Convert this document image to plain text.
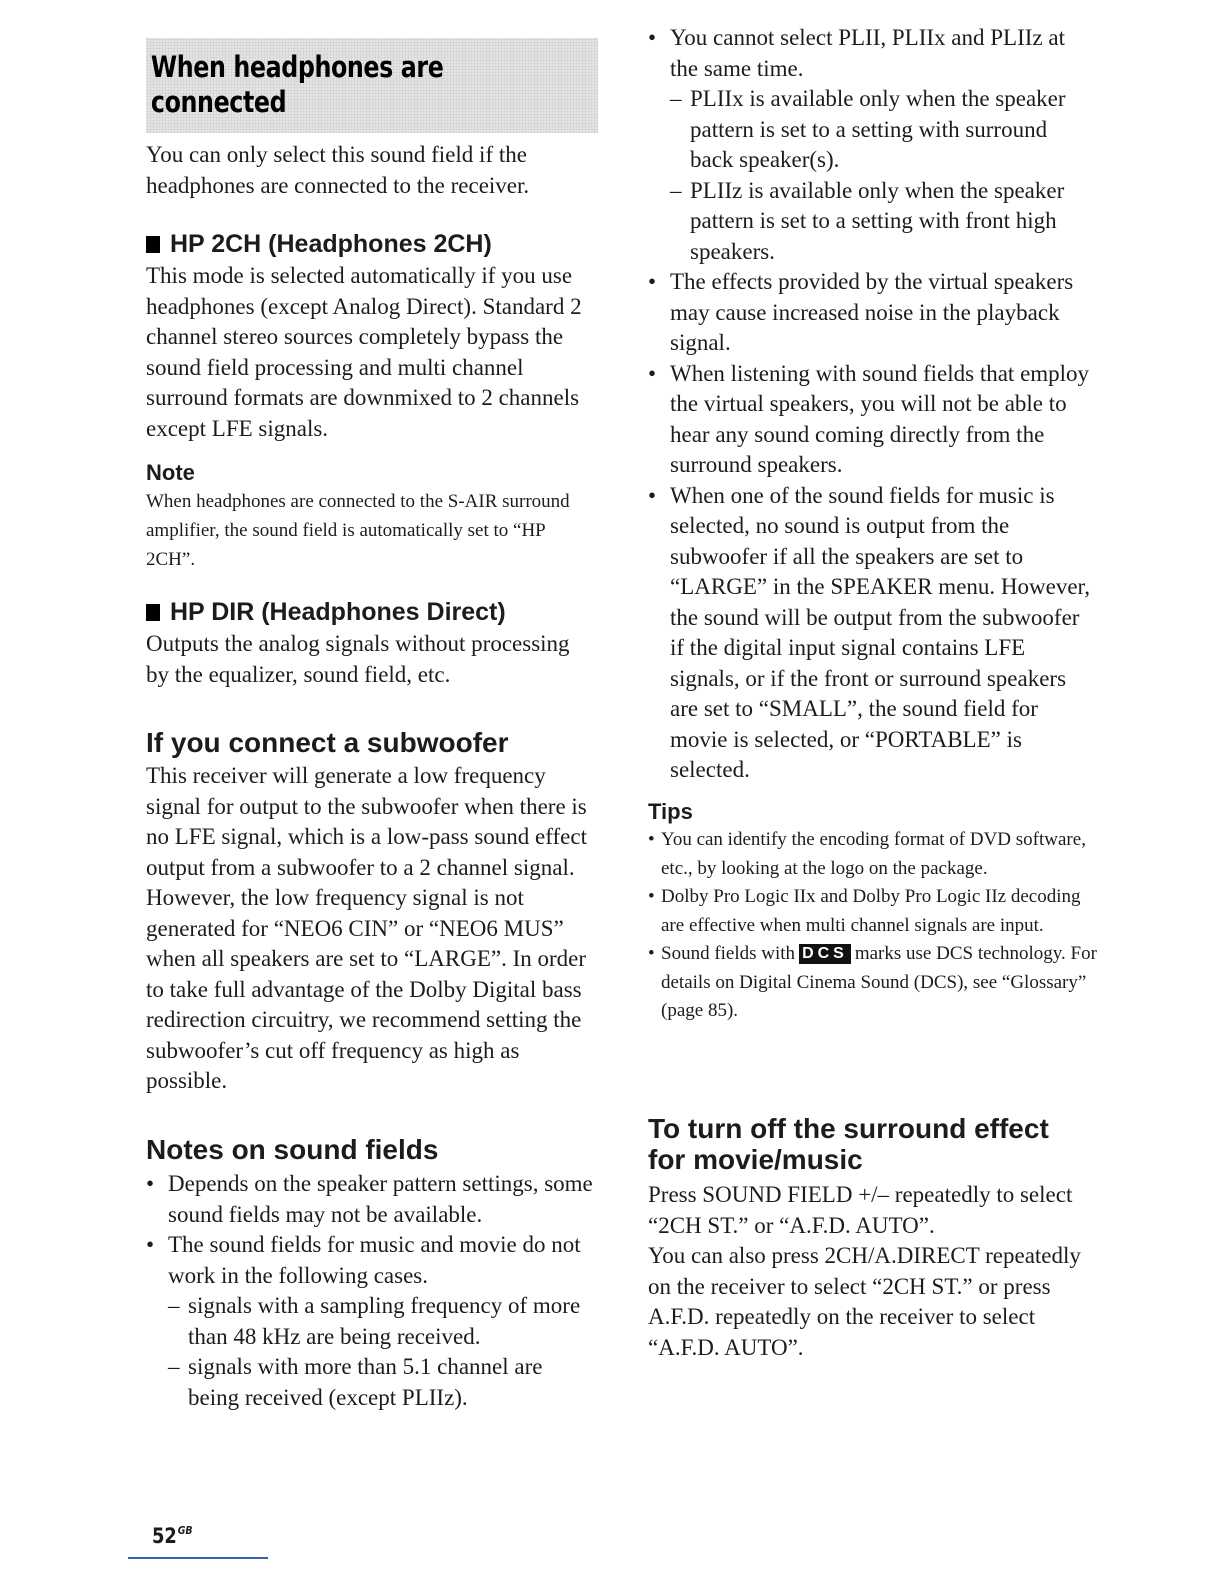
When headphones are connected

You can only select this sound field if the headphones are connected to the receiver.

HP 2CH (Headphones 2CH)

This mode is selected automatically if you use headphones (except Analog Direct). Standard 2 channel stereo sources completely bypass the sound field processing and multi channel surround formats are downmixed to 2 channels except LFE signals.

Note

When headphones are connected to the S-AIR surround amplifier, the sound field is automatically set to “HP 2CH”.

HP DIR (Headphones Direct)

Outputs the analog signals without processing by the equalizer, sound field, etc.

If you connect a subwoofer

This receiver will generate a low frequency signal for output to the subwoofer when there is no LFE signal, which is a low-pass sound effect output from a subwoofer to a 2 channel signal. However, the low frequency signal is not generated for “NEO6 CIN” or “NEO6 MUS” when all speakers are set to “LARGE”. In order to take full advantage of the Dolby Digital bass redirection circuitry, we recommend setting the subwoofer’s cut off frequency as high as possible.

Notes on sound fields
• Depends on the speaker pattern settings, some sound fields may not be available.
• The sound fields for music and movie do not work in the following cases.
– signals with a sampling frequency of more than 48 kHz are being received.
– signals with more than 5.1 channel are being received (except PLIIz).
• You cannot select PLII, PLIIx and PLIIz at the same time.
– PLIIx is available only when the speaker pattern is set to a setting with surround back speaker(s).
– PLIIz is available only when the speaker pattern is set to a setting with front high speakers.
• The effects provided by the virtual speakers may cause increased noise in the playback signal.
• When listening with sound fields that employ the virtual speakers, you will not be able to hear any sound coming directly from the surround speakers.
• When one of the sound fields for music is selected, no sound is output from the subwoofer if all the speakers are set to “LARGE” in the SPEAKER menu. However, the sound will be output from the subwoofer if the digital input signal contains LFE signals, or if the front or surround speakers are set to “SMALL”, the sound field for movie is selected, or “PORTABLE” is selected.
Tips
• You can identify the encoding format of DVD software, etc., by looking at the logo on the package.
• Dolby Pro Logic IIx and Dolby Pro Logic IIz decoding are effective when multi channel signals are input.
• Sound fields with DCS marks use DCS technology. For details on Digital Cinema Sound (DCS), see “Glossary” (page 85).
To turn off the surround effect for movie/music

Press SOUND FIELD +/– repeatedly to select “2CH ST.” or “A.F.D. AUTO”.

You can also press 2CH/A.DIRECT repeatedly on the receiver to select “2CH ST.” or press A.F.D. repeatedly on the receiver to select “A.F.D. AUTO”.

$52^{GB}$
